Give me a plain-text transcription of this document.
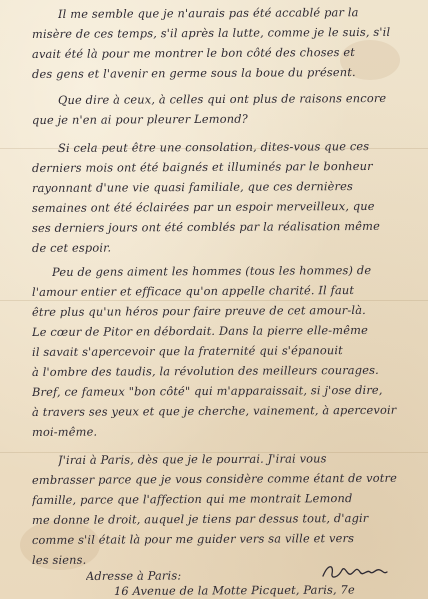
Il me semble que je n'aurais pas été accablé par la
misère de ces temps, s'il après la lutte, comme je le suis, s'il
avait été là pour me montrer le bon côté des choses et
des gens et l'avenir en germe sous la boue du présent.
Que dire à ceux, à celles qui ont plus de raisons encore
que je n'en ai pour pleurer Lemond?
Si cela peut être une consolation, dites-vous que ces
derniers mois ont été baignés et illuminés par le bonheur
rayonnant d'une vie quasi familiale, que ces dernières
semaines ont été éclairées par un espoir merveilleux, que
ses derniers jours ont été comblés par la réalisation même
de cet espoir.
Peu de gens aiment les hommes (tous les hommes) de
l'amour entier et efficace qu'on appelle charité. Il faut
être plus qu'un héros pour faire preuve de cet amour-là.
Le cœur de Pitor en débordait. Dans la pierre elle-même
il savait s'apercevoir que la fraternité qui s'épanouit
à l'ombre des taudis, la révolution des meilleurs courages.
Bref, ce fameux "bon côté" qui m'apparaissait, si j'ose dire,
à travers ses yeux et que je cherche, vainement, à apercevoir
moi-même.
J'irai à Paris, dès que je le pourrai. J'irai vous
embrasser parce que je vous considère comme étant de votre
famille, parce que l'affection qui me montrait Lemond
me donne le droit, auquel je tiens par dessus tout, d'agir
comme s'il était là pour me guider vers sa ville et vers
les siens.
Adresse à Paris:
16 Avenue de la Motte Picquet, Paris, 7e
